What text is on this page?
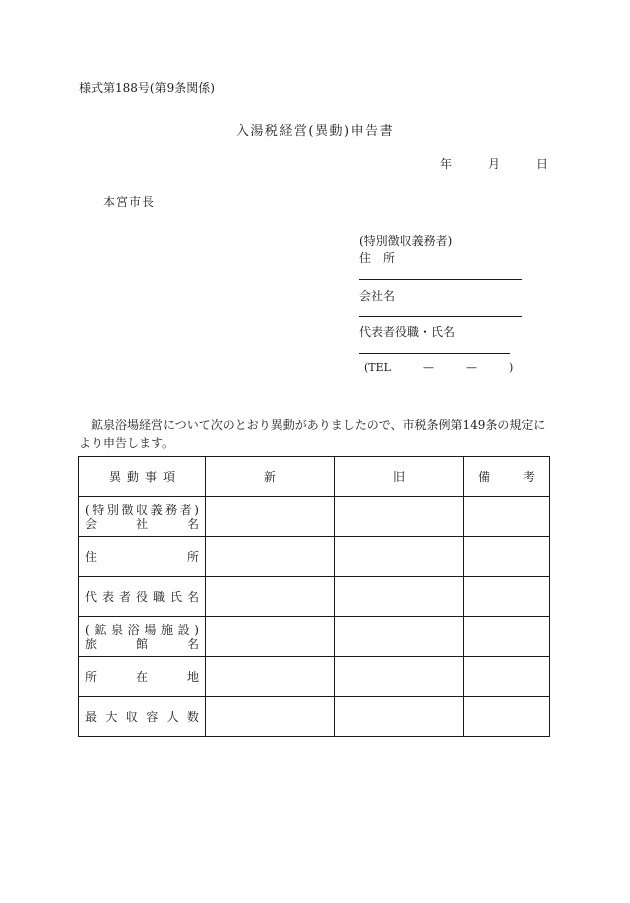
様式第188号(第9条関係)
入湯税経営(異動)申告書
年	月	日
本宮市長
(特別徴収義務者)
住　所
会社名
代表者役職・氏名
(TEL	—	—	)
鉱泉浴場経営について次のとおり異動がありましたので、市税条例第149条の規定により申告します。
異動事項	新	旧	備 考

(特別徴収義務者)
会社名			

住所			

代表者役職氏名			

(鉱泉浴場施設)
旅館名			

所在地			

最大収容人数			
